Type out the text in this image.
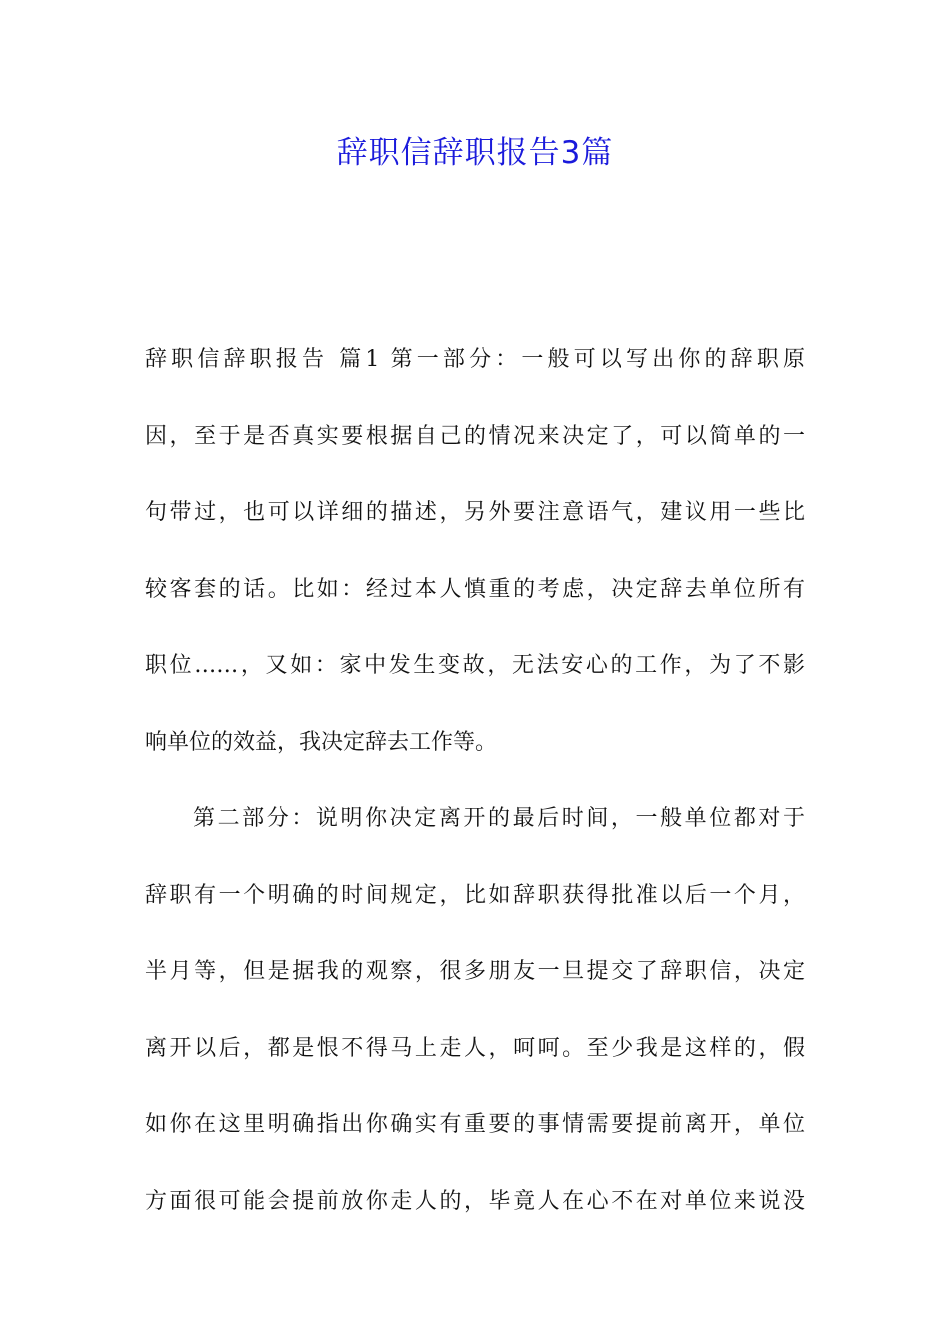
辞职信辞职报告3篇
辞职信辞职报告 篇1 第一部分：一般可以写出你的辞职原
因，至于是否真实要根据自己的情况来决定了，可以简单的一
句带过，也可以详细的描述，另外要注意语气，建议用一些比
较客套的话。比如：经过本人慎重的考虑，决定辞去单位所有
职位……，又如：家中发生变故，无法安心的工作，为了不影
响单位的效益，我决定辞去工作等。
第二部分：说明你决定离开的最后时间，一般单位都对于
辞职有一个明确的时间规定，比如辞职获得批准以后一个月，
半月等，但是据我的观察，很多朋友一旦提交了辞职信，决定
离开以后，都是恨不得马上走人，呵呵。至少我是这样的，假
如你在这里明确指出你确实有重要的事情需要提前离开，单位
方面很可能会提前放你走人的，毕竟人在心不在对单位来说没
